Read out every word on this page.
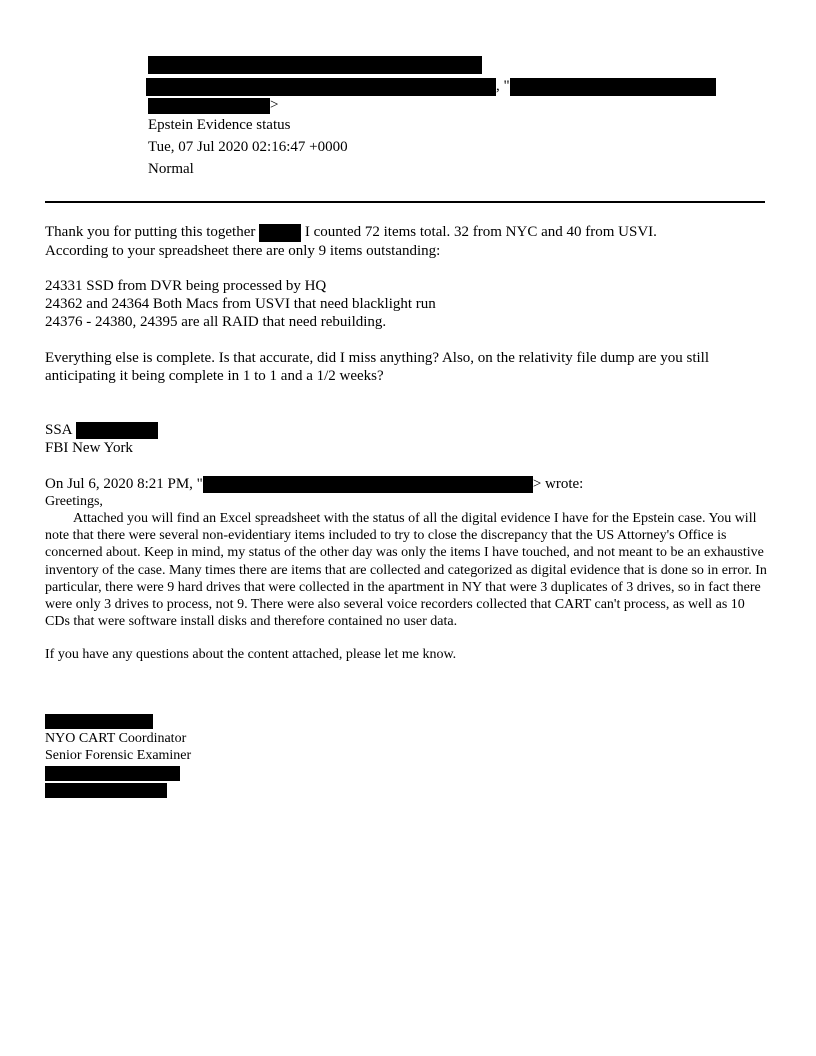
, "
>
Epstein Evidence status
Tue, 07 Jul 2020 02:16:47 +0000
Normal
Thank you for putting this together	I counted 72 items total. 32 from NYC and 40 from USVI.
According to your spreadsheet there are only 9 items outstanding:
24331 SSD from DVR being processed by HQ
24362 and 24364 Both Macs from USVI that need blacklight run
24376 - 24380, 24395 are all RAID that need rebuilding.
Everything else is complete. Is that accurate, did I miss anything? Also, on the relativity file dump are you still anticipating it being complete in 1 to 1 and a 1/2 weeks?
SSA
FBI New York
On Jul 6, 2020 8:21 PM, "	> wrote:
Greetings,
Attached you will find an Excel spreadsheet with the status of all the digital evidence I have for the Epstein case. You will note that there were several non-evidentiary items included to try to close the discrepancy that the US Attorney's Office is concerned about. Keep in mind, my status of the other day was only the items I have touched, and not meant to be an exhaustive inventory of the case. Many times there are items that are collected and categorized as digital evidence that is done so in error. In particular, there were 9 hard drives that were collected in the apartment in NY that were 3 duplicates of 3 drives, so in fact there were only 3 drives to process, not 9. There were also several voice recorders collected that CART can't process, as well as 10 CDs that were software install disks and therefore contained no user data.
If you have any questions about the content attached, please let me know.
NYO CART Coordinator
Senior Forensic Examiner
